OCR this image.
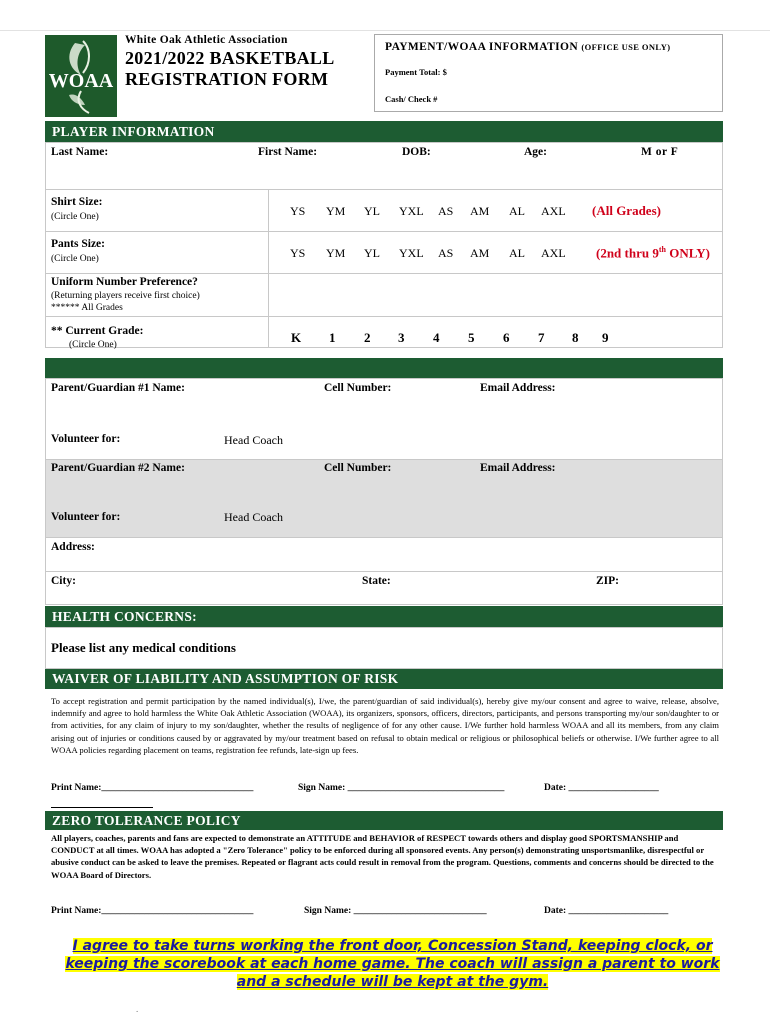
WOAA
White Oak Athletic Association
2021/2022 BASKETBALL
REGISTRATION FORM
PAYMENT/WOAA INFORMATION (OFFICE USE ONLY)
Payment Total: $
Cash/ Check #
PLAYER INFORMATION
Last Name:	First Name:	DOB:	Age:	M or F
Shirt Size:
(Circle One)	YS YM YL YXL AS AM AL AXL (All Grades)
Pants Size:
(Circle One)	YS YM YL YXL AS AM AL AXL (2nd thru 9th ONLY)
Uniform Number Preference?
(Returning players receive first choice)
****** All Grades
** Current Grade:
(Circle One)	K 1 2 3 4 5 6 7 8 9
Parent/Guardian #1 Name:	Cell Number:	Email Address:
Volunteer for:	Head Coach
Parent/Guardian #2 Name:	Cell Number:	Email Address:
Volunteer for:	Head Coach
Address:
City:	State:	ZIP:
HEALTH CONCERNS:
Please list any medical conditions
WAIVER OF LIABILITY AND ASSUMPTION OF RISK
To accept registration and permit participation by the named individual(s), I/we, the parent/guardian of said individual(s), hereby give my/our consent and agree to waive, release, absolve, indemnify and agree to hold harmless the White Oak Athletic Association (WOAA), its organizers, sponsors, officers, directors, participants, and persons transporting my/our son/daughter to or from activities, for any claim of injury to my son/daughter, whether the results of negligence of for any other cause. I/We further hold harmless WOAA and all its members, from any claim arising out of injuries or conditions caused by or aggravated by my/our treatment based on refusal to obtain medical or religious or philosophical beliefs or otherwise. I/We further agree to all WOAA policies regarding placement on teams, registration fee refunds, late-sign up fees.
Print Name:________________________________	Sign Name: _________________________________	Date: ___________________
ZERO TOLERANCE POLICY
All players, coaches, parents and fans are expected to demonstrate an ATTITUDE and BEHAVIOR of RESPECT towards others and display good SPORTSMANSHIP and CONDUCT at all times. WOAA has adopted a "Zero Tolerance" policy to be enforced during all sponsored events. Any person(s) demonstrating unsportsmanlike, disrespectful or abusive conduct can be asked to leave the premises. Repeated or flagrant acts could result in removal from the program. Questions, comments and concerns should be directed to the WOAA Board of Directors.
Print Name:________________________________	Sign Name: ____________________________	Date: _____________________
I agree to take turns working the front door, Concession Stand, keeping clock, or keeping the scorebook at each home game. The coach will assign a parent to work and a schedule will be kept at the gym.
.
